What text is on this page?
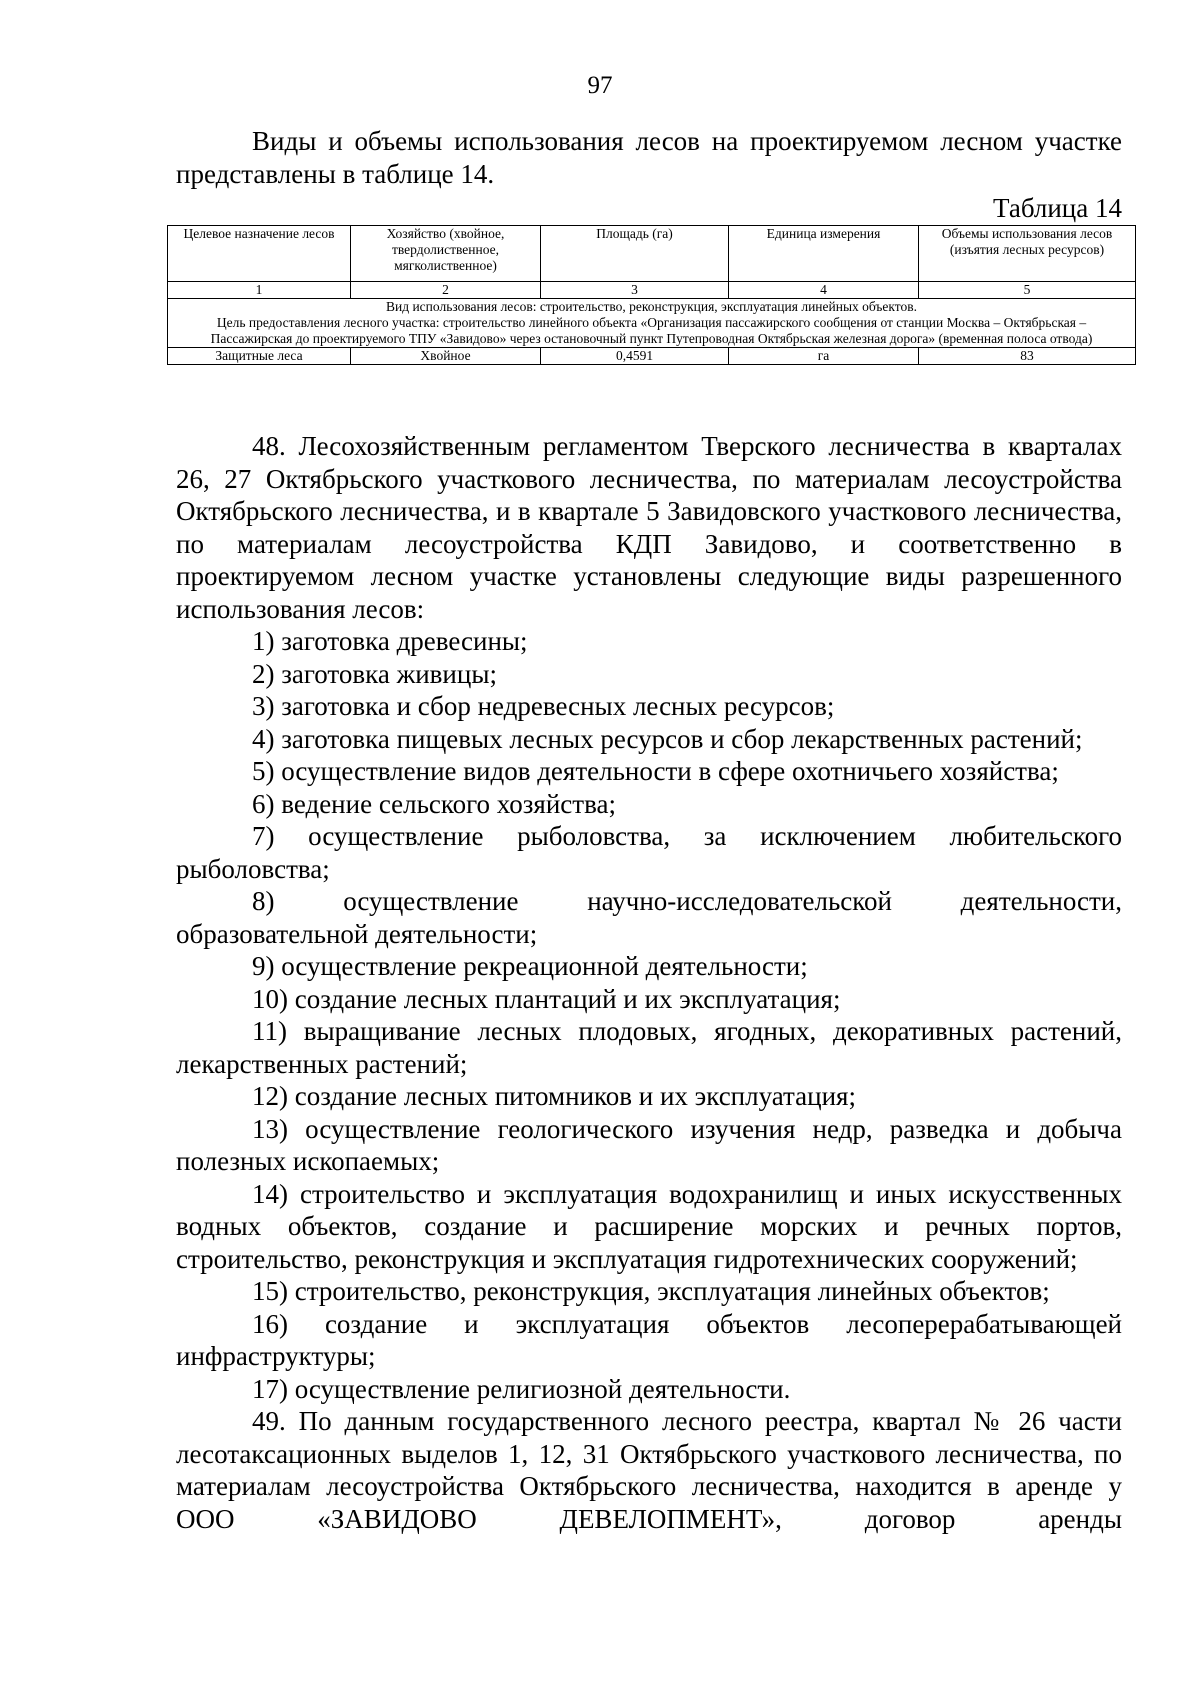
97

Виды и объемы использования лесов на проектируемом лесном участке представлены в таблице 14.

Таблица 14
Целевое назначение лесов	Хозяйство (хвойное, твердолиственное, мягколиственное)	Площадь (га)	Единица измерения	Объемы использования лесов (изъятия лесных ресурсов)
1	2	3	4	5

Вид использования лесов: строительство, реконструкция, эксплуатация линейных объектов.
Цель предоставления лесного участка: строительство линейного объекта «Организация пассажирского сообщения от станции Москва – Октябрьская – Пассажирская до проектируемого ТПУ «Завидово» через остановочный пункт Путепроводная Октябрьская железная дорога» (временная полоса отвода)				

Защитные леса	Хвойное	0,4591	га	83

48. Лесохозяйственным регламентом Тверского лесничества в кварталах 26, 27 Октябрьского участкового лесничества, по материалам лесоустройства Октябрьского лесничества, и в квартале 5 Завидовского участкового лесничества, по материалам лесоустройства КДП Завидово, и соответственно в проектируемом лесном участке установлены следующие виды разрешенного использования лесов:

1) заготовка древесины;

2) заготовка живицы;

3) заготовка и сбор недревесных лесных ресурсов;

4) заготовка пищевых лесных ресурсов и сбор лекарственных растений;

5) осуществление видов деятельности в сфере охотничьего хозяйства;

6) ведение сельского хозяйства;

7) осуществление рыболовства, за исключением любительского рыболовства;

8) осуществление научно-исследовательской деятельности, образовательной деятельности;

9) осуществление рекреационной деятельности;

10) создание лесных плантаций и их эксплуатация;

11) выращивание лесных плодовых, ягодных, декоративных растений, лекарственных растений;

12) создание лесных питомников и их эксплуатация;

13) осуществление геологического изучения недр, разведка и добыча полезных ископаемых;

14) строительство и эксплуатация водохранилищ и иных искусственных водных объектов, создание и расширение морских и речных портов, строительство, реконструкция и эксплуатация гидротехнических сооружений;

15) строительство, реконструкция, эксплуатация линейных объектов;

16) создание и эксплуатация объектов лесоперерабатывающей инфраструктуры;

17) осуществление религиозной деятельности.

49. По данным государственного лесного реестра, квартал № 26 части лесотаксационных выделов 1, 12, 31 Октябрьского участкового лесничества, по материалам лесоустройства Октябрьского лесничества, находится в аренде у ООО «ЗАВИДОВО ДЕВЕЛОПМЕНТ», договор аренды
